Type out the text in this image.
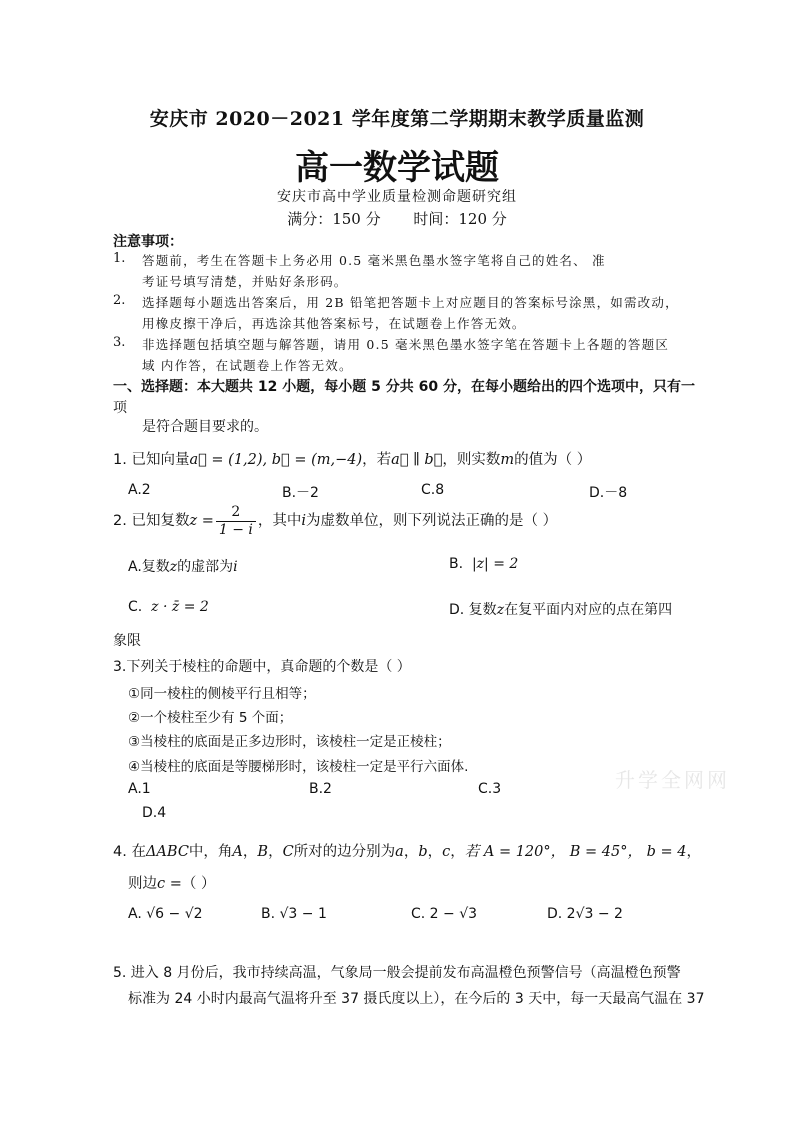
安庆市 2020－2021 学年度第二学期期末教学质量监测
高一数学试题
安庆市高中学业质量检测命题研究组
满分：150 分 时间：120 分
注意事项：
1. 答题前，考生在答题卡上务必用 0.5 毫米黑色墨水签字笔将自己的姓名、 准
考证号填写清楚，并贴好条形码。
2. 选择题每小题选出答案后，用 2B 铅笔把答题卡上对应题目的答案标号涂黑，如需改动，
用橡皮擦干净后，再选涂其他答案标号，在试题卷上作答无效。
3. 非选择题包括填空题与解答题，请用 0.5 毫米黑色墨水签字笔在答题卡上各题的答题区
域 内作答，在试题卷上作答无效。
一、选择题：本大题共 12 小题，每小题 5 分共 60 分，在每小题给出的四个选项中，只有一
项
是符合题目要求的。
1. 已知向量a⃗ = (1,2), b⃗ = (m,−4)，若a⃗ ∥ b⃗，则实数m的值为（ ）
A.2	B.－2	C.8	D.－8
2. 已知复数$z = \frac{2}{1 - i}$ ，其中i为虚数单位，则下列说法正确的是（ ）
A.复数z的虚部为i	B. |z| = 2
C. z · z̄ = 2	D. 复数z在复平面内对应的点在第四
象限
3.下列关于棱柱的命题中，真命题的个数是（ ）
①同一棱柱的侧棱平行且相等；
②一个棱柱至少有 5 个面；
③当棱柱的底面是正多边形时，该棱柱一定是正棱柱；
④当棱柱的底面是等腰梯形时，该棱柱一定是平行六面体.
A.1	B.2	C.3
D.4
升学全网网
4. 在ΔABC中，角A，B，C所对的边分别为a，b，c，若 A = 120°， B = 45°， b = 4，
则边c =（ ）
A. √6 − √2	B. √3 − 1	C. 2 − √3	D. 2√3 − 2
5. 进入 8 月份后，我市持续高温，气象局一般会提前发布高温橙色预警信号（高温橙色预警
标准为 24 小时内最高气温将升至 37 摄氏度以上），在今后的 3 天中，每一天最高气温在 37
